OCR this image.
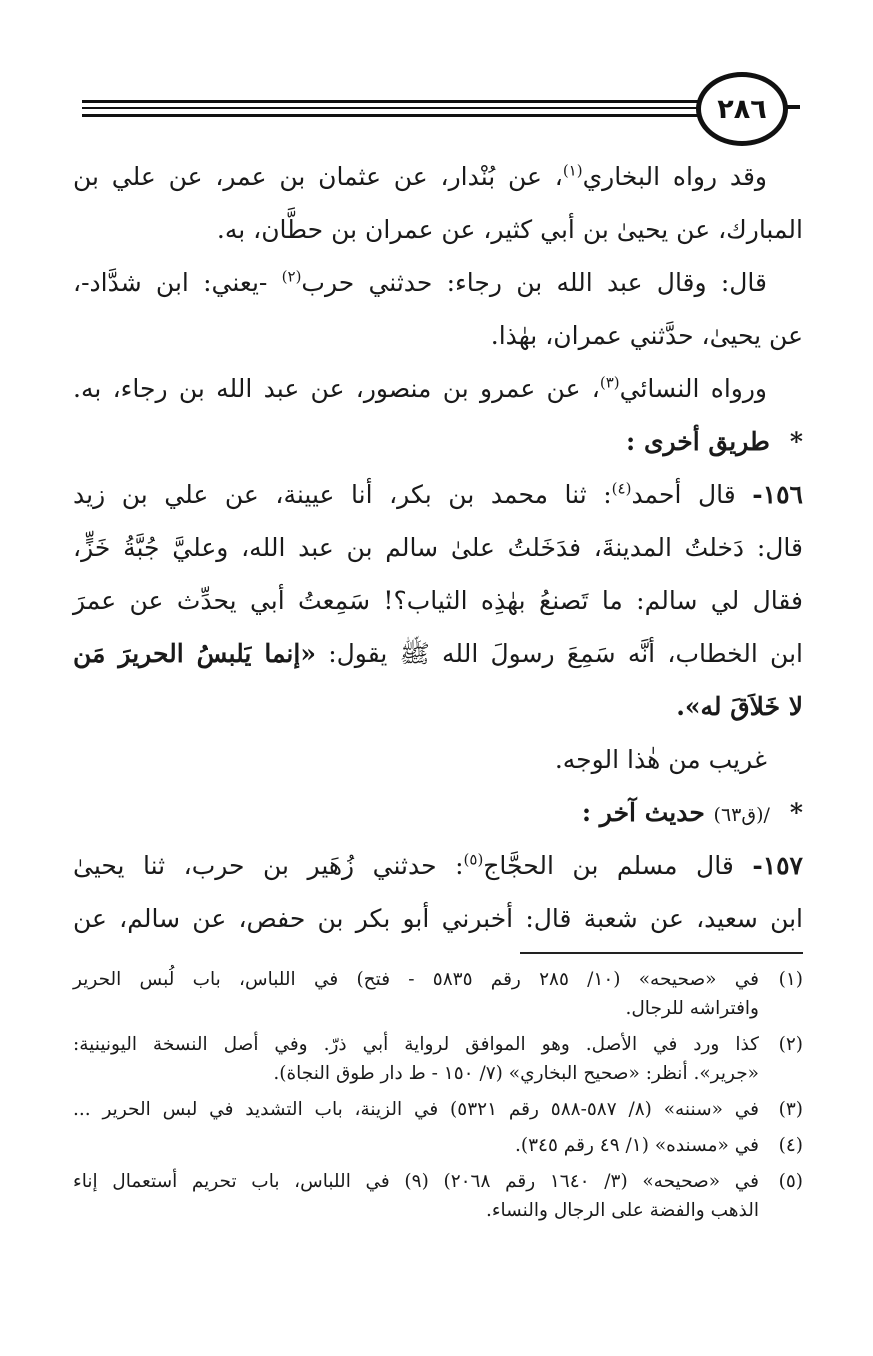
٢٨٦
وقد رواه البخاري$^{(١)}$، عن بُنْدار، عن عثمان بن عمر، عن علي بن
المبارك، عن يحيىٰ بن أبي كثير، عن عمران بن حطَّان، به.
قال: وقال عبد الله بن رجاء: حدثني حرب$^{(٢)}$ -يعني: ابن شدَّاد-،
عن يحيىٰ، حدَّثني عمران، بهٰذا.
ورواه النسائي$^{(٣)}$، عن عمرو بن منصور، عن عبد الله بن رجاء، به.
*طريق أخرى :
١٥٦- قال أحمد$^{(٤)}$: ثنا محمد بن بكر، أنا عيينة، عن علي بن زيد
قال: دَخلتُ المدينةَ، فدَخَلتُ علىٰ سالم بن عبد الله، وعليَّ جُبَّةُ خَزٍّ،
فقال لي سالم: ما تَصنعُ بهٰذِه الثياب؟! سَمِعتُ أبي يحدِّث عن عمرَ
ابن الخطاب، أنَّه سَمِعَ رسولَ الله ﷺ يقول: «إنما يَلبسُ الحريرَ مَن
لا خَلاَقَ له».
غريب من هٰذا الوجه.
*/(ق٦٣) حديث آخر :
١٥٧- قال مسلم بن الحجَّاج$^{(٥)}$: حدثني زُهَير بن حرب، ثنا يحيىٰ
ابن سعيد، عن شعبة قال: أخبرني أبو بكر بن حفص، عن سالم، عن
(١)
في «صحيحه» (١٠/ ٢٨٥ رقم ٥٨٣٥ - فتح) في اللباس، باب لُبس الحرير
وافتراشه للرجال.
(٢)
كذا ورد في الأصل. وهو الموافق لرواية أبي ذرّ. وفي أصل النسخة اليونينية:
«جرير». أنظر: «صحيح البخاري» (٧/ ١٥٠ - ط دار طوق النجاة).
(٣)
في «سننه» (٨/ ٥٨٧-٥٨٨ رقم ٥٣٢١) في الزينة، باب التشديد في لبس الحرير ...
(٤)
في «مسنده» (١/ ٤٩ رقم ٣٤٥).
(٥)
في «صحيحه» (٣/ ١٦٤٠ رقم ٢٠٦٨) (٩) في اللباس، باب تحريم أستعمال إناء
الذهب والفضة على الرجال والنساء.
